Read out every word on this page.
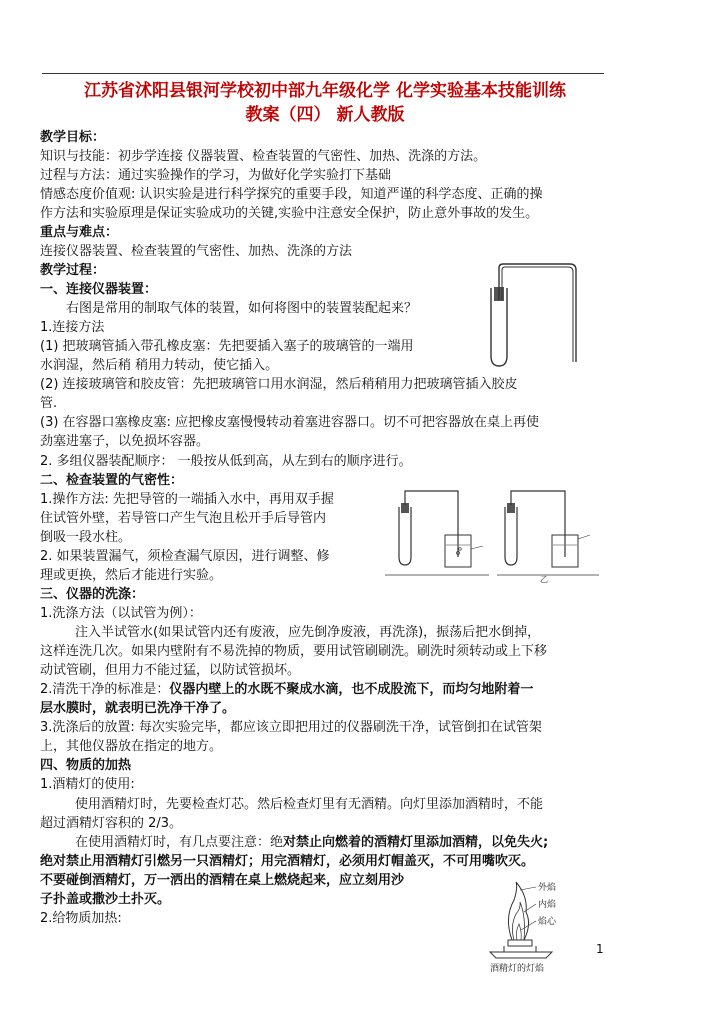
江苏省沭阳县银河学校初中部九年级化学 化学实验基本技能训练
教案（四） 新人教版
教学目标：
知识与技能：初步学连接 仪器装置、检查装置的气密性、加热、洗涤的方法。
过程与方法：通过实验操作的学习，为做好化学实验打下基础
情感态度价值观: 认识实验是进行科学探究的重要手段，知道严谨的科学态度、正确的操
作方法和实验原理是保证实验成功的关键,实验中注意安全保护，防止意外事故的发生。
重点与难点：
连接仪器装置、检查装置的气密性、加热、洗涤的方法
教学过程：
一、连接仪器装置：
右图是常用的制取气体的装置，如何将图中的装置装配起来？
1.连接方法
(1) 把玻璃管插入带孔橡皮塞：先把要插入塞子的玻璃管的一端用
水润湿，然后稍 稍用力转动，使它插入。
(2) 连接玻璃管和胶皮管：先把玻璃管口用水润湿，然后稍稍用力把玻璃管插入胶皮
管.
(3) 在容器口塞橡皮塞: 应把橡皮塞慢慢转动着塞进容器口。切不可把容器放在桌上再使
劲塞进塞子，以免损坏容器。
2. 多组仪器装配顺序： 一般按从低到高，从左到右的顺序进行。
二、检查装置的气密性：
1.操作方法: 先把导管的一端插入水中，再用双手握
住试管外壁，若导管口产生气泡且松开手后导管内
倒吸一段水柱。
2. 如果装置漏气，须检查漏气原因，进行调整、修
理或更换，然后才能进行实验。
三、仪器的洗涤：
1.洗涤方法（以试管为例）：
注入半试管水(如果试管内还有废液，应先倒净废液，再洗涤)，振荡后把水倒掉，
这样连洗几次。如果内壁附有不易洗掉的物质，要用试管刷刷洗。刷洗时须转动或上下移
动试管刷，但用力不能过猛，以防试管损坏。
2.清洗干净的标准是：仪器内壁上的水既不聚成水滴，也不成股流下，而均匀地附着一
层水膜时，就表明已洗净干净了。
3.洗涤后的放置: 每次实验完毕，都应该立即把用过的仪器刷洗干净，试管倒扣在试管架
上，其他仪器放在指定的地方。
四、物质的加热
1.酒精灯的使用:
使用酒精灯时，先要检查灯芯。然后检查灯里有无酒精。向灯里添加酒精时，不能
超过酒精灯容积的 2/3。
在使用酒精灯时，有几点要注意：绝对禁止向燃着的酒精灯里添加酒精，以免失火;
绝对禁止用酒精灯引燃另一只酒精灯；用完酒精灯，必须用灯帽盖灭，不可用嘴吹灭。
不要碰倒酒精灯，万一洒出的酒精在桌上燃烧起来，应立刻用沙
子扑盖或撒沙土扑灭。
2.给物质加热:
乙
外焰
内焰
焰心
酒精灯的灯焰
1
